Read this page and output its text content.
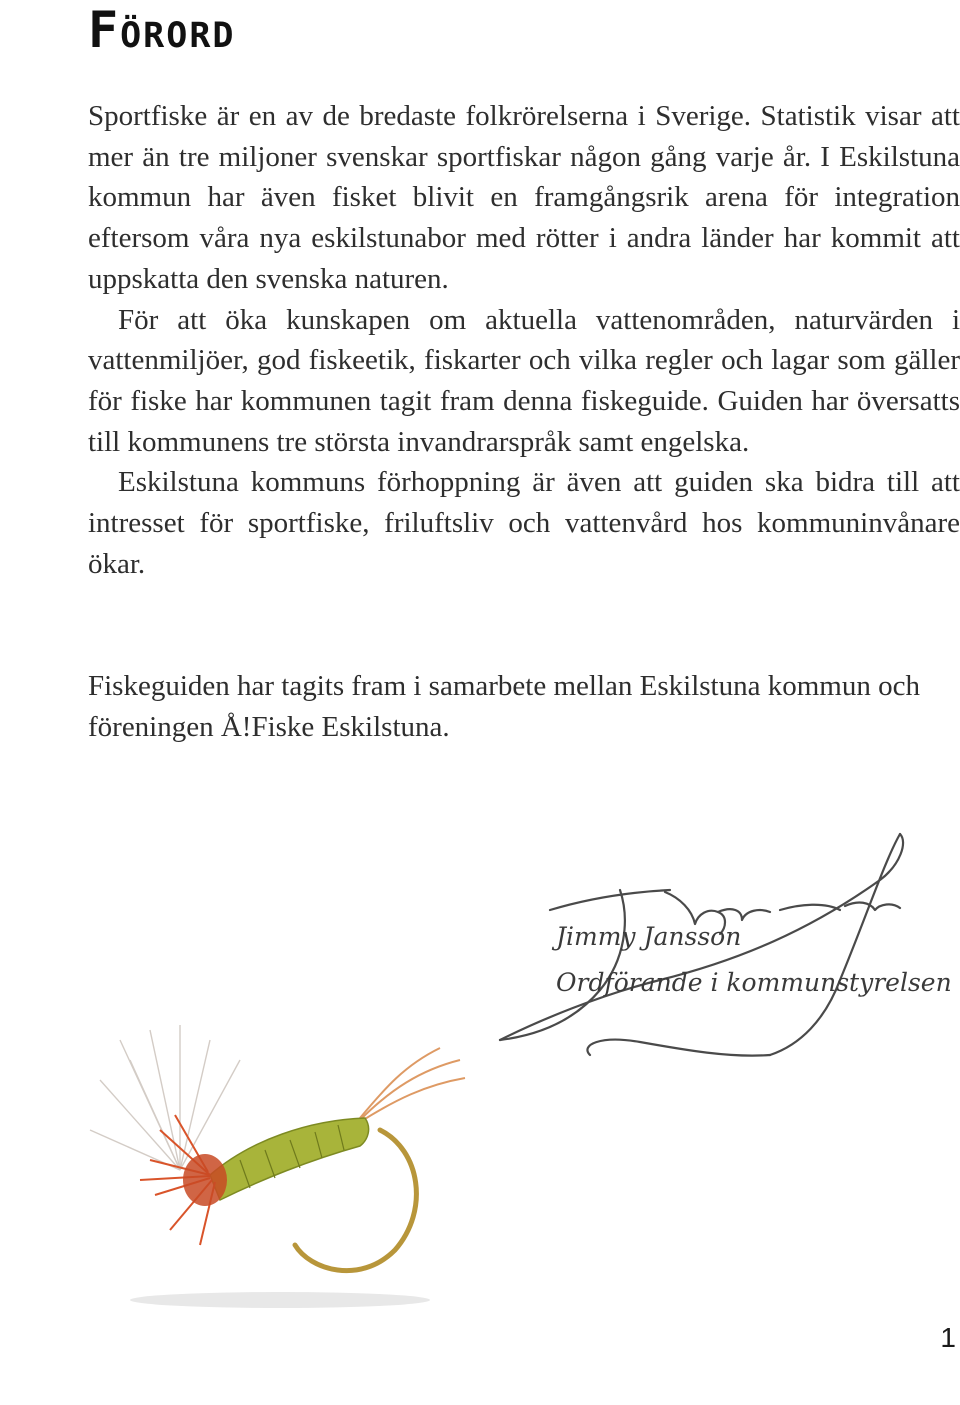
Förord

Sportfiske är en av de bredaste folkrörelserna i Sverige. Statistik visar att mer än tre miljoner svenskar sportfiskar någon gång varje år. I Eskilstuna kommun har även fisket blivit en framgångsrik arena för integration eftersom våra nya eskilstunabor med rötter i andra länder har kommit att uppskatta den svenska naturen.

För att öka kunskapen om aktuella vattenområden, naturvärden i vattenmiljöer, god fiskeetik, fiskarter och vilka regler och lagar som gäller för fiske har kommunen tagit fram denna fiskeguide. Guiden har översatts till kommunens tre största invandrarspråk samt engelska.

Eskilstuna kommuns förhoppning är även att guiden ska bidra till att intresset för sportfiske, friluftsliv och vattenvård hos kommuninvånare ökar.

Fiskeguiden har tagits fram i samarbete mellan Eskilstuna kommun och föreningen Å!Fiske Eskilstuna.

Jimmy Jansson

Ordförande i kommunstyrelsen

1
